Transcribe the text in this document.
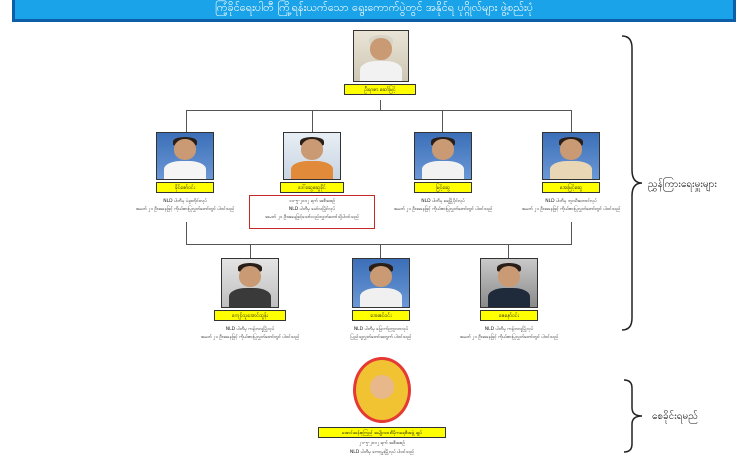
ကြံ့ခိုင်ရေးပါတီ ကြို့ရန်းယက်သော ရွေးကောက်ပွဲတွင် အနိုင်ရ ပုဂ္ဂိုလ်များ ဖွဲ့စည်းပုံ
ဦးရာဇာ ဆော်မြင့်
ခိုင်ဇော်ဝင်း
NLD ပါတီမှ ပဲခူးတိုင်းလုပ်
အမတ် ၂၁ ဦးအနေဖြင့် ကိုယ်စားပြုလွှတ်တော်တွင် ပါဝင်သည်
ဒေါ်ဆွေဆွေခိုင်
၁၁-၅-၂၀၁၂ ရက် အစီအစဉ်
NLD ပါတီမှ မော်လမြိုင်လုပ်
အမတ် ၂၁ ဦးအနေဖြင့်သော်လည်းလွှတ်တော်သို့ပါဝင်သည်
မြင့်ဆွေ
NLD ပါတီမှ ရေမြို့ပိုင်လုပ်
အမတ် ၂၁ ဦးအနေဖြင့် ကိုယ်စားပြုလွှတ်တော်တွင် ပါဝင်သည်
အေးမြင့်ဆွေ
NLD ပါတီမှ ဘူးသီးတောင်လုပ်
အမတ် ၂၁ ဦးအနေဖြင့် ကိုယ်စားပြုလွှတ်တော်တွင် ပါဝင်သည်
ကျော်သူအောင်ထွန်း
NLD ပါတီမှ ကန့်ဘလူမြို့လုပ်
အမတ် ၂၁ ဦးအနေဖြင့် ကိုယ်စားပြုလွှတ်တော်တွင် ပါဝင်သည်
အေးဇင်ဝင်း
NLD ပါတီမှ မြောက်ဥက္ကလာလုပ်
ပြည်သူ့လွှတ်တော်အတွက် ပါဝင်သည်
ဇေနော်ဝင်း
NLD ပါတီမှ ကန့်ဘလူမြို့လုပ်
အမတ် ၂၁ ဦးအနေဖြင့် ကိုယ်စားပြုလွှတ်တော်တွင် ပါဝင်သည်
အောင်ဆန်းစုကြည် အမျိုးသားဒီမိုကရေစီအဖွဲ့ ချုပ်
၂၁-၅-၂၀၁၂ ရက် အစီအစဉ်
NLD ပါတီမှ ကော့မှူးမြို့လုပ် ပါဝင်သည်
ညွှန်ကြားရေးမှူးများ
စေခိုင်းရမည်
